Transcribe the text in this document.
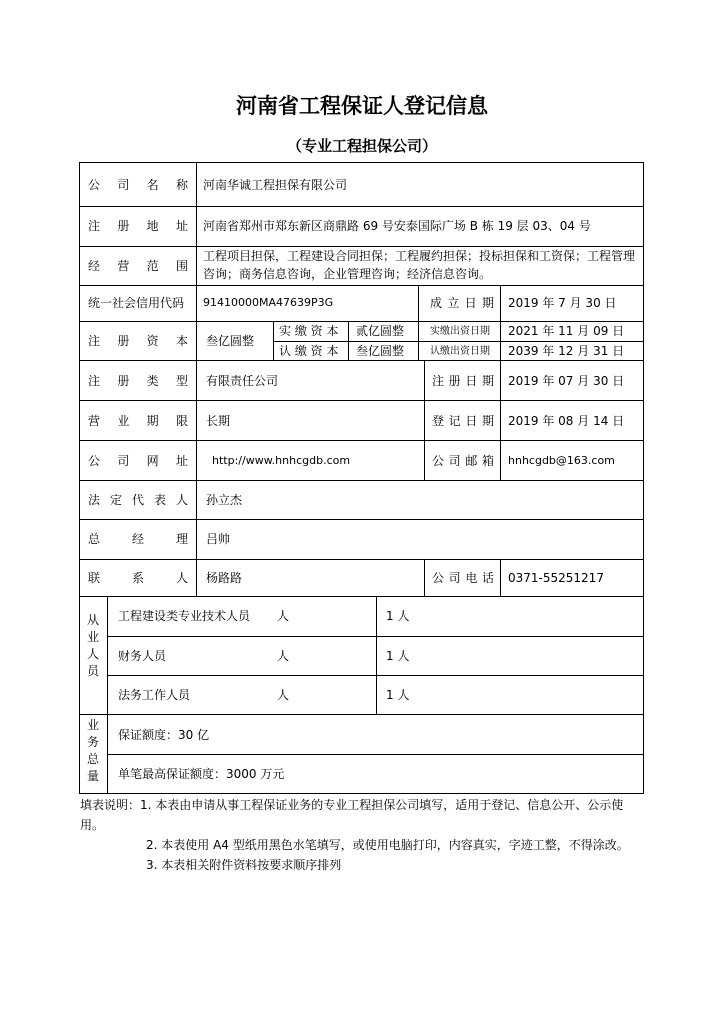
河南省工程保证人登记信息
（专业工程担保公司）
公 司 名 称 河南华诚工程担保有限公司
注 册 地 址 河南省郑州市郑东新区商鼎路 69 号安泰国际广场 B 栋 19 层 03、04 号
经 营 范 围
工程项目担保，工程建设合同担保；工程履约担保；投标担保和工资保；工程管理咨询；商务信息咨询，企业管理咨询；经济信息咨询。
统一社会信用代码 91410000MA47639P3G	成 立 日 期 2019 年 7 月 30 日
注 册 资 本 叁亿圆整
实 缴 资 本 贰亿圆整	实缴出资日期 2021 年 11 月 09 日
认 缴 资 本 叁亿圆整	认缴出资日期 2039 年 12 月 31 日
注 册 类 型 有限责任公司	注 册 日 期 2019 年 07 月 30 日
营 业 期 限 长期	登 记 日 期 2019 年 08 月 14 日
公 司 网 址 http://www.hnhcgdb.com	公 司 邮 箱 hnhcgdb@163.com
法 定 代 表 人 孙立杰
总	经	理 吕帅
联	系	人 杨路路	公 司 电 话 0371-55251217
从业人员
工程建设类专业技术人员 人	1 人
财务人员	人	1 人
法务工作人员	人	1 人
业务总量
保证额度：30 亿
单笔最高保证额度：3000 万元

填表说明：1. 本表由申请从事工程保证业务的专业工程担保公司填写，适用于登记、信息公开、公示使用。

2. 本表使用 A4 型纸用黑色水笔填写，或使用电脑打印，内容真实，字迹工整，不得涂改。

3. 本表相关附件资料按要求顺序排列
